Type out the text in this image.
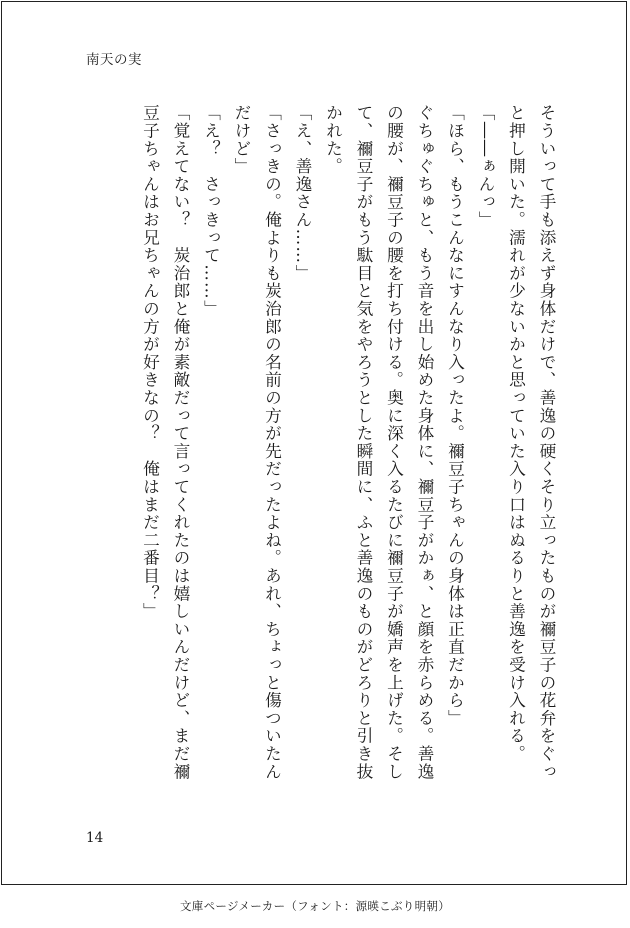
南天の実

そういって手も添えず身体だけで、善逸の硬くそり立ったものが禰豆子の花弁をぐっと押し開いた。濡れが少ないかと思っていた入り口はぬるりと善逸を受け入れる。

「――ぁんっ」

「ほら、もうこんなにすんなり入ったよ。禰豆子ちゃんの身体は正直だから」

ぐちゅぐちゅと、もう音を出し始めた身体に、禰豆子がかぁ、と顔を赤らめる。善逸の腰が、禰豆子の腰を打ち付ける。奥に深く入るたびに禰豆子が嬌声を上げた。そして、禰豆子がもう駄目と気をやろうとした瞬間に、ふと善逸のものがどろりと引き抜かれた。

「え、善逸さん……」

「さっきの。俺よりも炭治郎の名前の方が先だったよね。あれ、ちょっと傷ついたんだけど」

「え？　さっきって……」

「覚えてない？　炭治郎と俺が素敵だって言ってくれたのは嬉しいんだけど、まだ禰豆子ちゃんはお兄ちゃんの方が好きなの？　俺はまだ二番目？」

14
文庫ページメーカー（フォント：源暎こぶり明朝）
